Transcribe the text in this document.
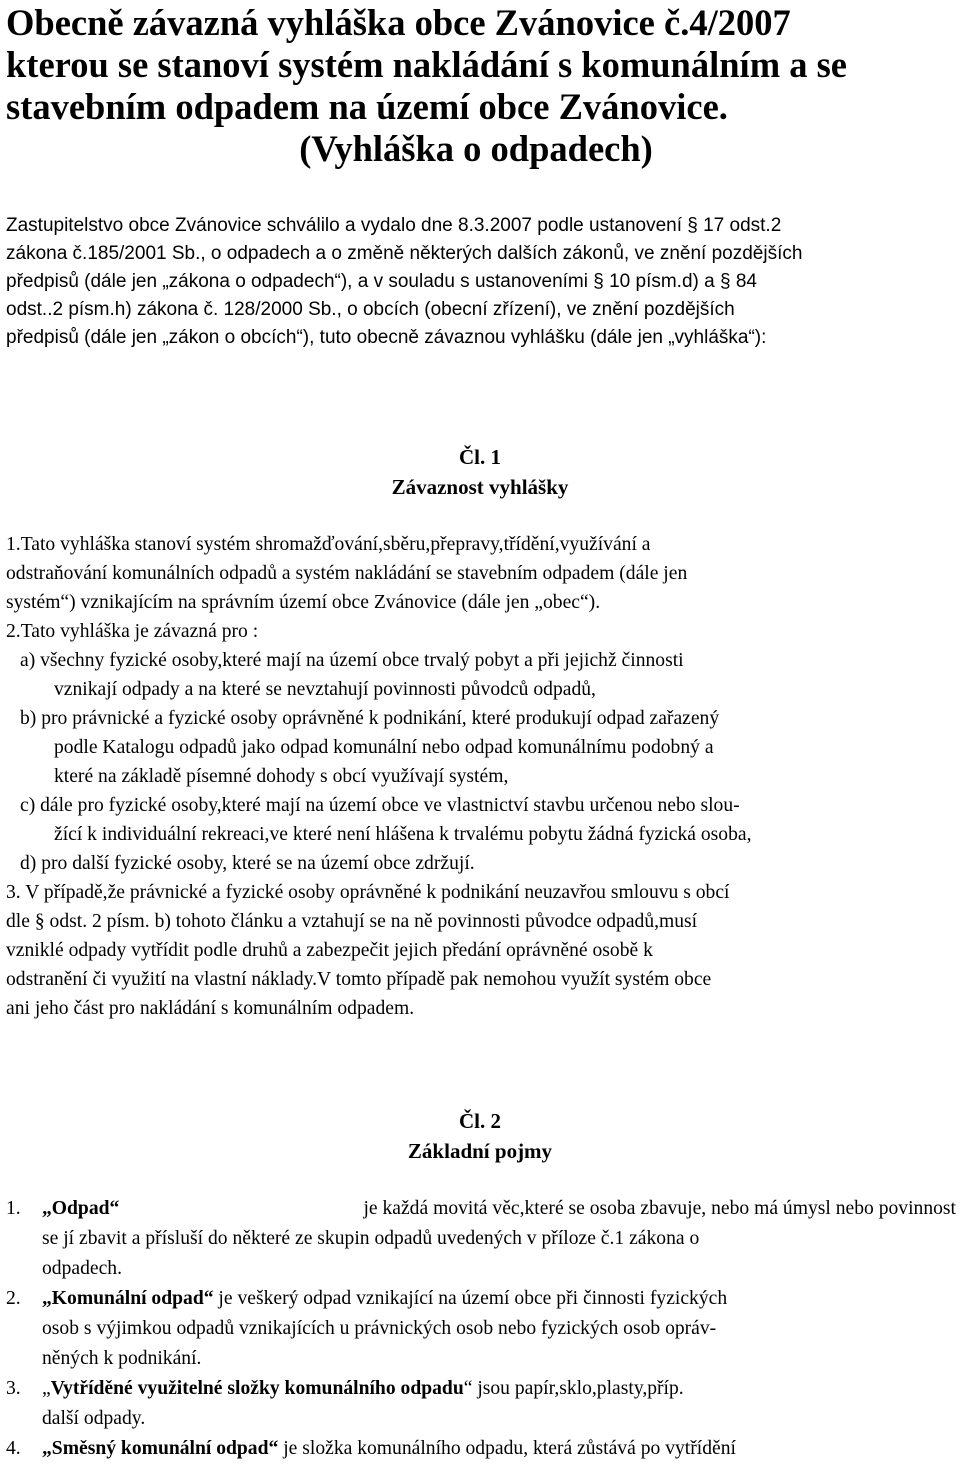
Obecně závazná vyhláška obce Zvánovice č.4/2007
kterou se stanoví systém nakládání s komunálním a se
stavebním odpadem na území obce Zvánovice.
(Vyhláška o odpadech)
Zastupitelstvo obce Zvánovice schválilo a vydalo dne 8.3.2007 podle ustanovení § 17 odst.2
zákona č.185/2001 Sb., o odpadech a o změně některých dalších zákonů, ve znění pozdějších
předpisů (dále jen „zákona o odpadech“), a v souladu s ustanoveními § 10 písm.d) a § 84
odst..2 písm.h) zákona č. 128/2000 Sb., o obcích (obecní zřízení), ve znění pozdějších
předpisů (dále jen „zákon o obcích“), tuto obecně závaznou vyhlášku (dále jen „vyhláška“):
Čl. 1
Závaznost vyhlášky
1.Tato vyhláška stanoví systém shromažďování,sběru,přepravy,třídění,využívání a
odstraňování komunálních odpadů a systém nakládání se stavebním odpadem (dále jen
systém“) vznikajícím na správním území obce Zvánovice (dále jen „obec“).
2.Tato vyhláška je závazná pro :
a) všechny fyzické osoby,které mají na území obce trvalý pobyt a při jejichž činnosti
vznikají odpady a na které se nevztahují povinnosti původců odpadů,
b) pro právnické a fyzické osoby oprávněné k podnikání, které produkují odpad zařazený
podle Katalogu odpadů jako odpad komunální nebo odpad komunálnímu podobný a
které na základě písemné dohody s obcí využívají systém,
c) dále pro fyzické osoby,které mají na území obce ve vlastnictví stavbu určenou nebo slou-
žící k individuální rekreaci,ve které není hlášena k trvalému pobytu žádná fyzická osoba,
d) pro další fyzické osoby, které se na území obce zdržují.
3. V případě,že právnické a fyzické osoby oprávněné k podnikání neuzavřou smlouvu s obcí
dle § odst. 2 písm. b) tohoto článku a vztahují se na ně povinnosti původce odpadů,musí
vzniklé odpady vytřídit podle druhů a zabezpečit jejich předání oprávněné osobě k
odstranění či využití na vlastní náklady.V tomto případě pak nemohou využít systém obce
ani jeho část pro nakládání s komunálním odpadem.
Čl. 2
Základní pojmy
1. „Odpad“	je každá movitá věc,které se osoba zbavuje, nebo má úmysl nebo povinnost
se jí zbavit a přísluší do některé ze skupin odpadů uvedených v příloze č.1 zákona o
odpadech.
2. „Komunální odpad“ je veškerý odpad vznikající na území obce při činnosti fyzických
osob s výjimkou odpadů vznikajících u právnických osob nebo fyzických osob opráv-
něných k podnikání.
3. „Vytříděné využitelné složky komunálního odpadu“ jsou papír,sklo,plasty,příp.
další odpady.
4. „Směsný komunální odpad“ je složka komunálního odpadu, která zůstává po vytřídění
